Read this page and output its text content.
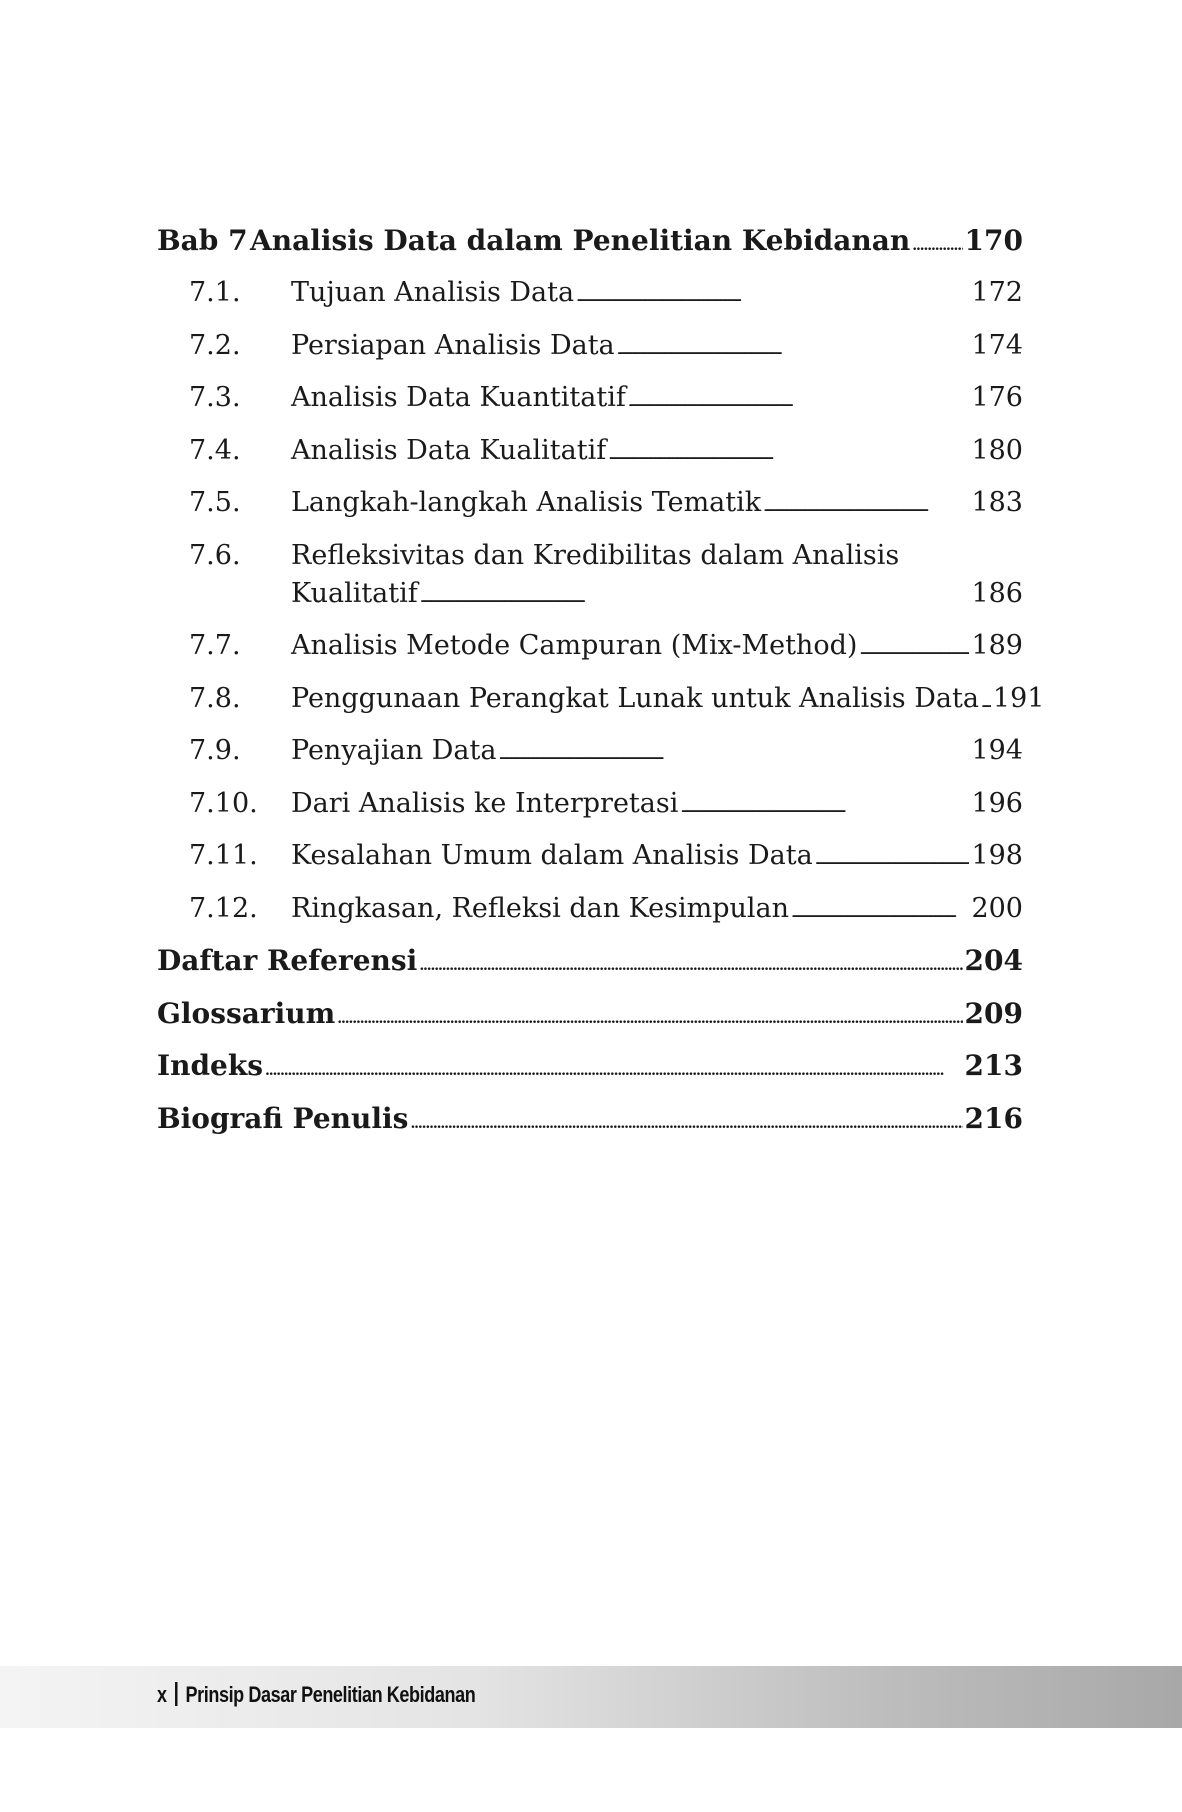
Bab 7 Analisis Data dalam Penelitian Kebidanan . . . 170
7.1.	Tujuan Analisis Data . . .	172
7.2.	Persiapan Analisis Data . . .	174
7.3.	Analisis Data Kuantitatif . . .	176
7.4.	Analisis Data Kualitatif . . .	180
7.5.	Langkah-langkah Analisis Tematik . . .	183
7.6.	Refleksivitas dan Kredibilitas dalam Analisis
Kualitatif . . .	186
7.7.	Analisis Metode Campuran (Mix-Method) . . .	189
7.8.	Penggunaan Perangkat Lunak untuk Analisis Data . . . 191
7.9.	Penyajian Data . . .	194
7.10.	Dari Analisis ke Interpretasi . . .	196
7.11.	Kesalahan Umum dalam Analisis Data . . .	198
7.12.	Ringkasan, Refleksi dan Kesimpulan . . .	200
Daftar Referensi . . .	204
Glossarium . . .	209
Indeks . . .	213
Biografi Penulis . . .	216
x Prinsip Dasar Penelitian Kebidanan
